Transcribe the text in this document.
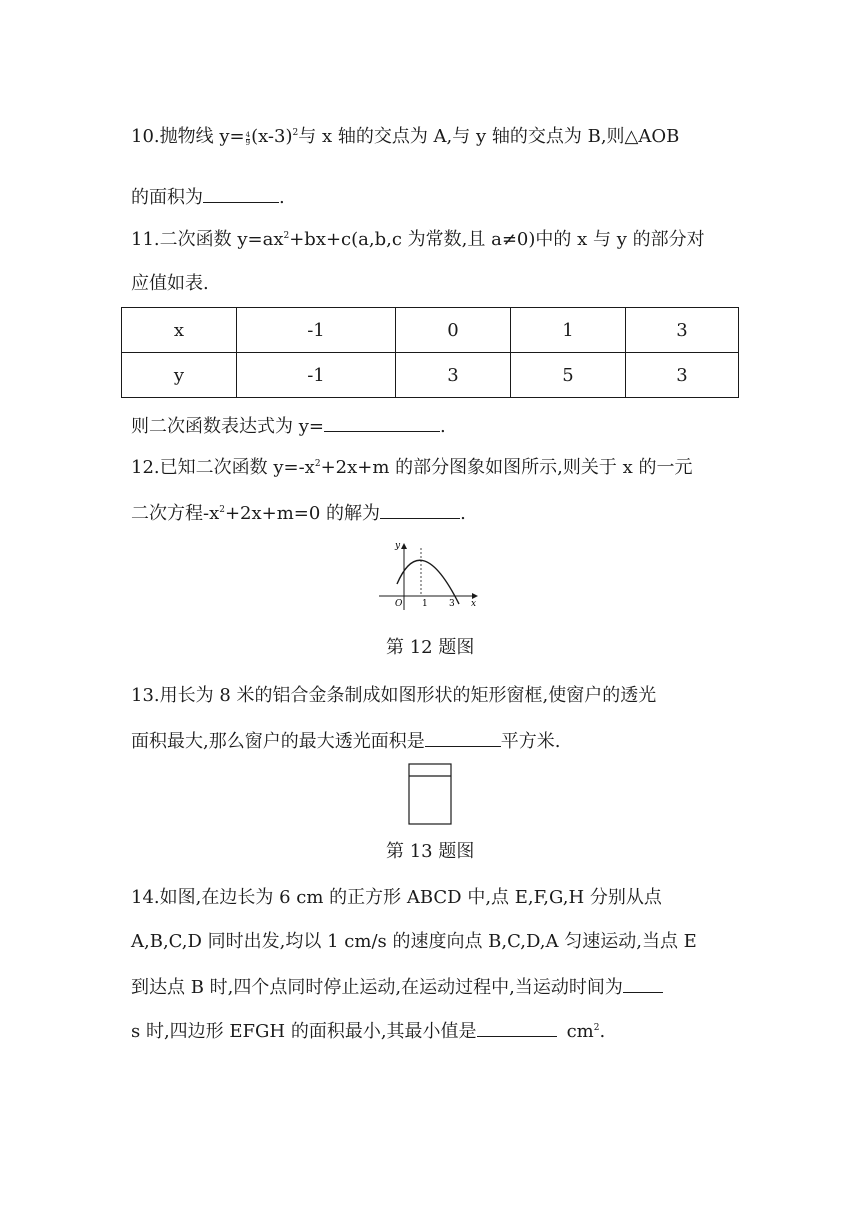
10.抛物线 $y= \frac{4}{9} (x-3)^2$与 x 轴的交点为 A,与 y 轴的交点为 B,则△AOB
的面积为	.
11.二次函数 $y=ax^2+bx+c(a,b,c$ 为常数,且 a≠0)中的 x 与 y 的部分对
应值如表.
x	-1	0	1	3
y	-1	3	5	3
则二次函数表达式为 y=	.
12.已知二次函数 $y=-x^2+2x+m$ 的部分图象如图所示,则关于 x 的一元
二次方程$-x^2+2x+m=0$ 的解为	.
y
x
O 1 3
第 12 题图
13.用长为 8 米的铝合金条制成如图形状的矩形窗框,使窗户的透光
面积最大,那么窗户的最大透光面积是	平方米.
第 13 题图
14.如图,在边长为 6 cm 的正方形 ABCD 中,点 E,F,G,H 分别从点
A,B,C,D 同时出发,均以 1 cm/s 的速度向点 B,C,D,A 匀速运动,当点 E
到达点 B 时,四个点同时停止运动,在运动过程中,当运动时间为
s 时,四边形 EFGH 的面积最小,其最小值是	$cm^2$.
